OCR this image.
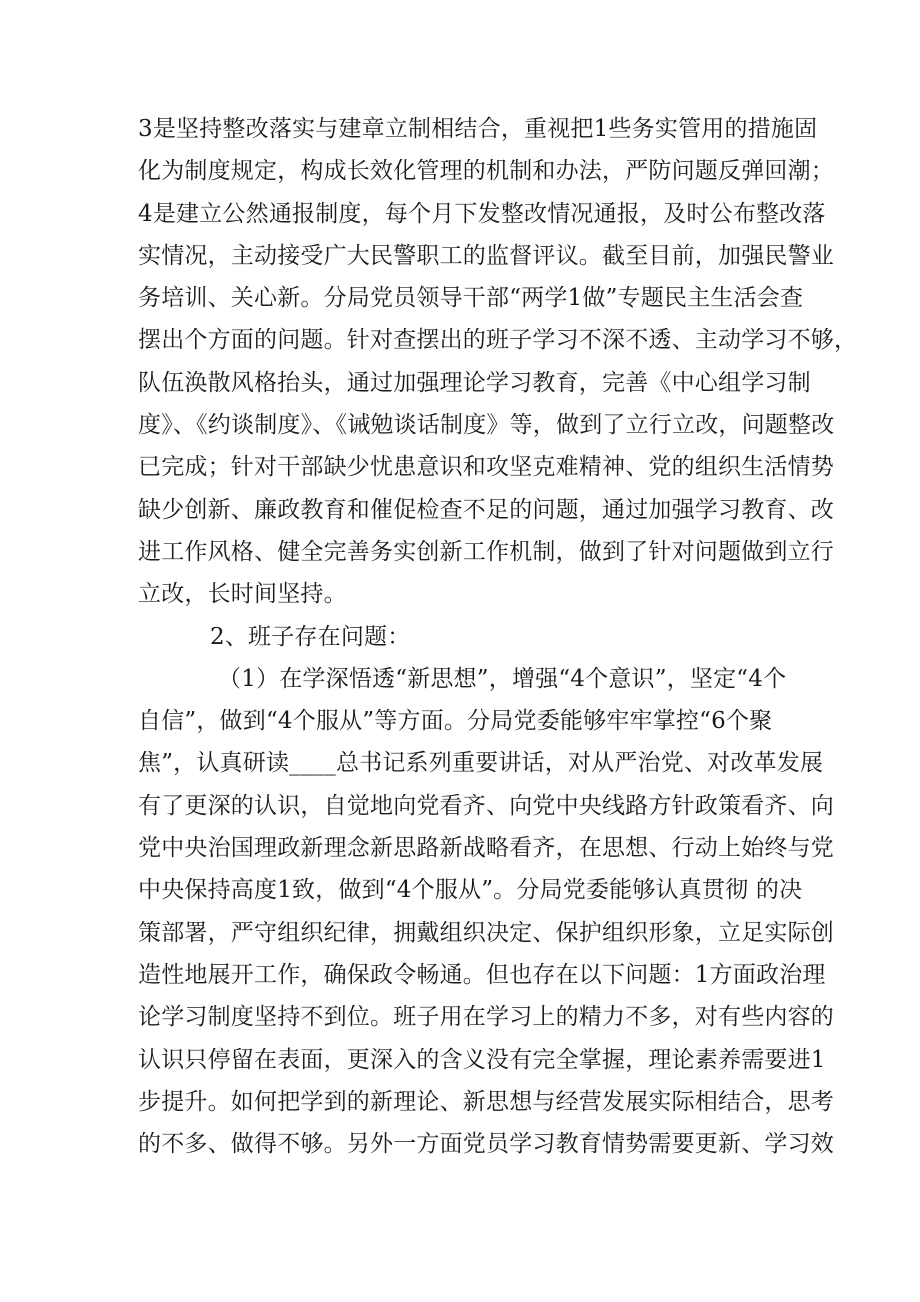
3是坚持整改落实与建章立制相结合，重视把1些务实管用的措施固
化为制度规定，构成长效化管理的机制和办法，严防问题反弹回潮；
4是建立公然通报制度，每个月下发整改情况通报，及时公布整改落
实情况，主动接受广大民警职工的监督评议。截至目前，加强民警业
务培训、关心新。分局党员领导干部“两学1做”专题民主生活会查
摆出个方面的问题。针对查摆出的班子学习不深不透、主动学习不够，
队伍涣散风格抬头，通过加强理论学习教育，完善《中心组学习制
度》、《约谈制度》、《诫勉谈话制度》等，做到了立行立改，问题整改
已完成；针对干部缺少忧患意识和攻坚克难精神、党的组织生活情势
缺少创新、廉政教育和催促检查不足的问题，通过加强学习教育、改
进工作风格、健全完善务实创新工作机制，做到了针对问题做到立行
立改，长时间坚持。
2、班子存在问题：
（1）在学深悟透“新思想”，增强“4个意识”，坚定“4个
自信”，做到“4个服从”等方面。分局党委能够牢牢掌控“6个聚
焦”，认真研读____总书记系列重要讲话，对从严治党、对改革发展
有了更深的认识，自觉地向党看齐、向党中央线路方针政策看齐、向
党中央治国理政新理念新思路新战略看齐，在思想、行动上始终与党
中央保持高度1致，做到“4个服从”。分局党委能够认真贯彻 的决
策部署，严守组织纪律，拥戴组织决定、保护组织形象，立足实际创
造性地展开工作，确保政令畅通。但也存在以下问题：1方面政治理
论学习制度坚持不到位。班子用在学习上的精力不多，对有些内容的
认识只停留在表面，更深入的含义没有完全掌握，理论素养需要进1
步提升。如何把学到的新理论、新思想与经营发展实际相结合，思考
的不多、做得不够。另外一方面党员学习教育情势需要更新、学习效
